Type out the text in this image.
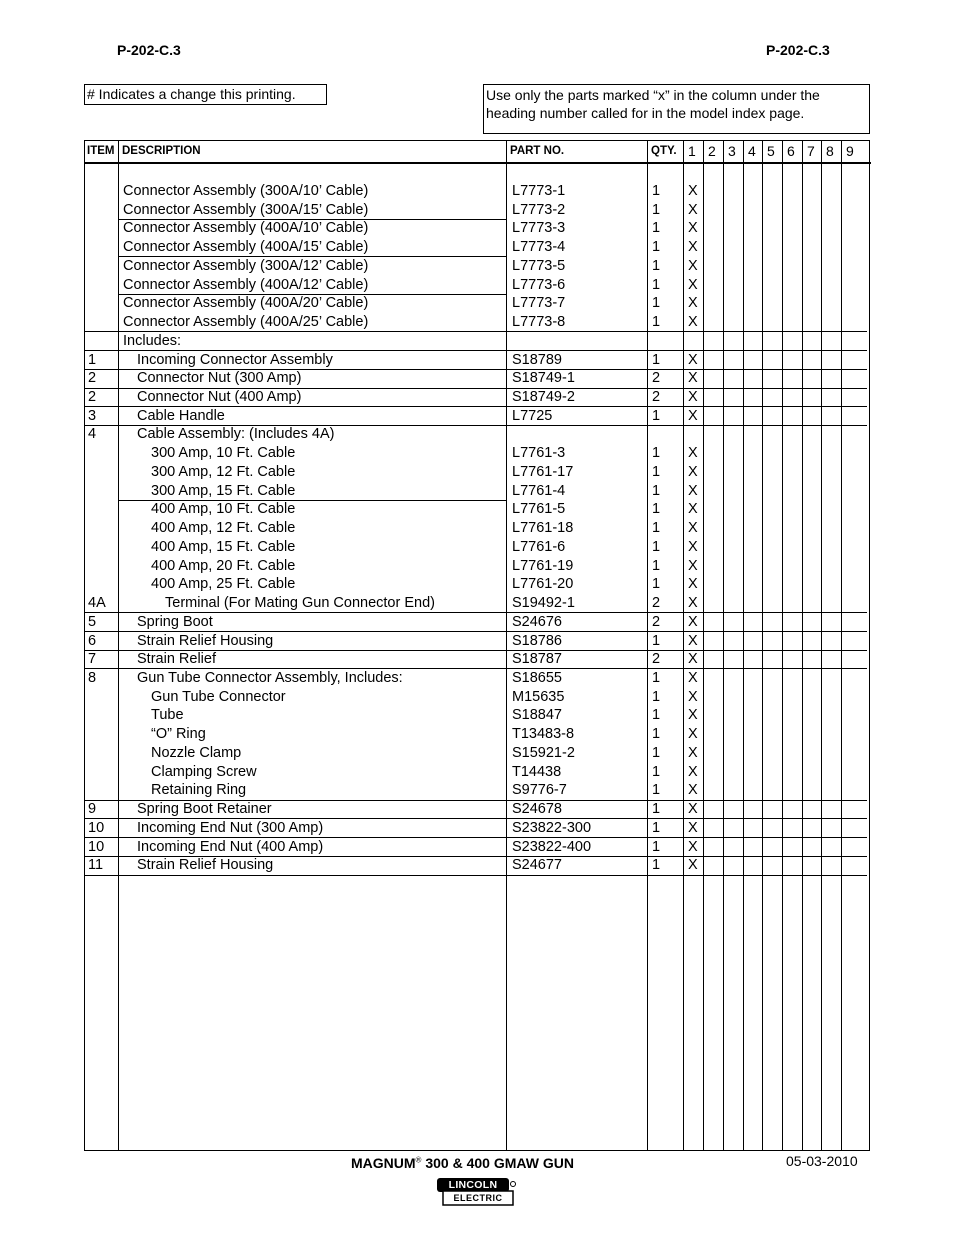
P-202-C.3	P-202-C.3
# Indicates a change this printing.	Use only the parts marked “x” in the column under the
heading number called for in the model index page.
ITEM DESCRIPTION	PART NO.	QTY. 1 2 3 4 5 6 7 8 9
Connector Assembly (300A/10’ Cable)	L7773-1	1 X
Connector Assembly (300A/15’ Cable)	L7773-2	1 X
Connector Assembly (400A/10’ Cable)	L7773-3	1 X
Connector Assembly (400A/15’ Cable)	L7773-4	1 X
Connector Assembly (300A/12’ Cable)	L7773-5	1 X
Connector Assembly (400A/12’ Cable)	L7773-6	1 X
Connector Assembly (400A/20’ Cable)	L7773-7	1 X
Connector Assembly (400A/25’ Cable)	L7773-8	1 X
Includes:
1	Incoming Connector Assembly	S18789	1 X
2	Connector Nut (300 Amp)	S18749-1	2 X
2	Connector Nut (400 Amp)	S18749-2	2 X
3	Cable Handle	L7725	1 X
4	Cable Assembly: (Includes 4A)
300 Amp, 10 Ft. Cable	L7761-3	1 X
300 Amp, 12 Ft. Cable	L7761-17	1 X
300 Amp, 15 Ft. Cable	L7761-4	1 X
400 Amp, 10 Ft. Cable	L7761-5	1 X
400 Amp, 12 Ft. Cable	L7761-18	1 X
400 Amp, 15 Ft. Cable	L7761-6	1 X
400 Amp, 20 Ft. Cable	L7761-19	1 X
400 Amp, 25 Ft. Cable	L7761-20	1 X
4A	Terminal (For Mating Gun Connector End)	S19492-1	2 X
5	Spring Boot	S24676	2 X
6	Strain Relief Housing	S18786	1 X
7	Strain Relief	S18787	2 X
8	Gun Tube Connector Assembly, Includes:	S18655	1 X
Gun Tube Connector	M15635	1 X
Tube	S18847	1 X
“O” Ring	T13483-8	1 X
Nozzle Clamp	S15921-2	1 X
Clamping Screw	T14438	1 X
Retaining Ring	S9776-7	1 X
9	Spring Boot Retainer	S24678	1 X
10 Incoming End Nut (300 Amp)	S23822-300	1 X
10 Incoming End Nut (400 Amp)	S23822-400	1 X
11 Strain Relief Housing	S24677	1 X
MAGNUM® 300 & 400 GMAW GUN	05-03-2010
LINCOLN
ELECTRIC
